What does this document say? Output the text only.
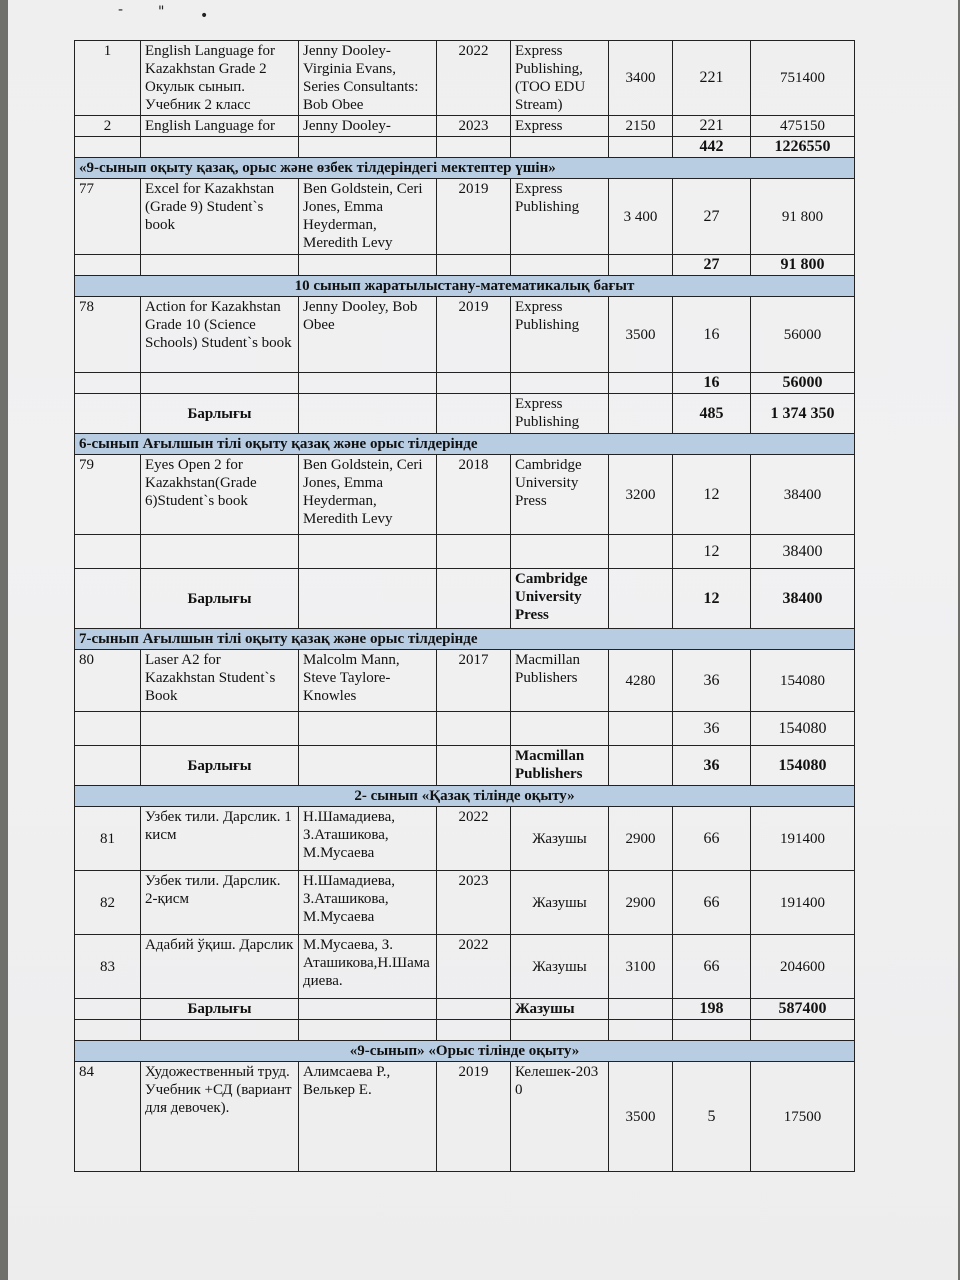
- "	•
1	English Language for Kazakhstan Grade 2 Окулык сынып. Учебник 2 класс	Jenny Dooley- Virginia Evans, Series Consultants: Bob Obee	2022	Express Publishing, (ТОО EDU Stream)	3400	221	751400
2	English Language for	Jenny Dooley-	2023	Express	2150	221	475150
						442	1226550
«9-сынып оқыту қазақ, орыс және өзбек тілдеріндегі мектептер үшін»							
77	Excel for Kazakhstan (Grade 9) Student`s book	Ben Goldstein, Ceri Jones, Emma Heyderman, Meredith Levy	2019	Express Publishing	3 400	27	91 800
						27	91 800
10 сынып жаратылыстану-математикалық бағыт							
78	Action for Kazakhstan Grade 10 (Science Schools) Student`s book	Jenny Dooley, Bob Obee	2019	Express Publishing	3500	16	56000
						16	56000
	Барлығы			Express Publishing		485	1 374 350
6-сынып Ағылшын тілі оқыту қазақ және орыс тілдерінде							
79	Eyes Open 2 for Kazakhstan(Grade 6)Student`s book	Ben Goldstein, Ceri Jones, Emma Heyderman, Meredith Levy	2018	Cambridge University Press	3200	12	38400
						12	38400
	Барлығы			Cambridge University Press		12	38400
7-сынып Ағылшын тілі оқыту қазақ және орыс тілдерінде							
80	Laser A2 for Kazakhstan Student`s Book	Malcolm Mann, Steve Taylore-Knowles	2017	Macmillan Publishers	4280	36	154080
						36	154080
	Барлығы			Macmillan Publishers		36	154080
2- сынып «Қазақ тілінде оқыту»							
81	Узбек тили. Дарслик. 1 кисм	Н.Шамадиева, З.Аташикова, М.Мусаева	2022	Жазушы	2900	66	191400
82	Узбек тили. Дарслик. 2-қисм	Н.Шамадиева, З.Аташикова, М.Мусаева	2023	Жазушы	2900	66	191400
83	Адабий ўқиш. Дарслик	М.Мусаева, З. Аташикова,Н.Шамадиева.	2022	Жазушы	3100	66	204600
	Барлығы			Жазушы		198	587400

«9-сынып» «Орыс тілінде оқыту»							
84	Художественный труд. Учебник +СД (вариант для девочек).	Алимсаева Р., Велькер Е.	2019	Келешек-2030	3500	5	17500
